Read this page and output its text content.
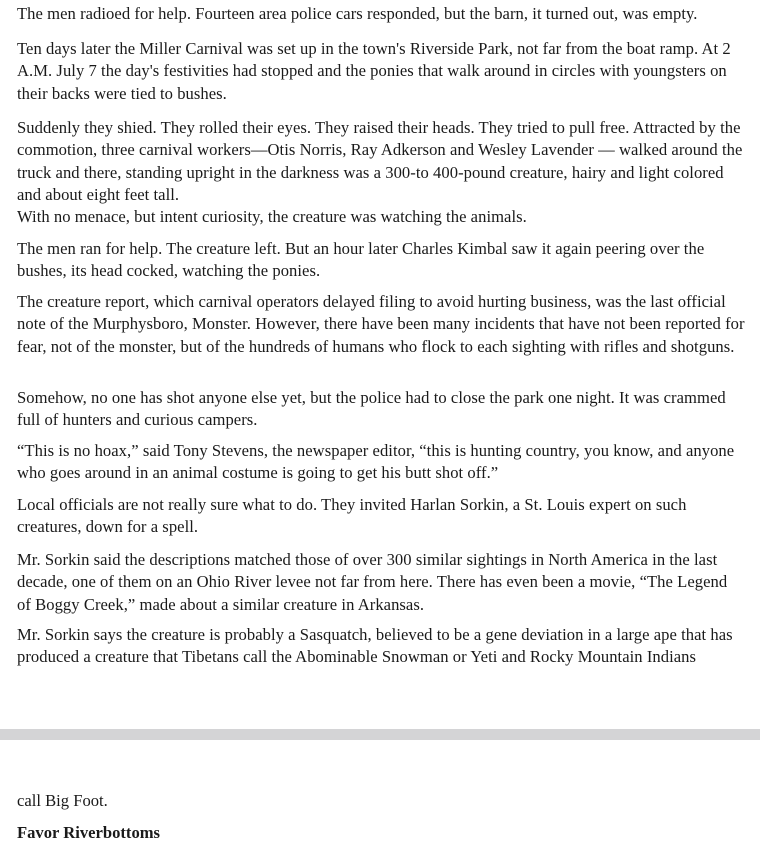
The men radioed for help. Fourteen area police cars responded, but the barn, it turned out, was empty.

Ten days later the Miller Carnival was set up in the town's Riverside Park, not far from the boat ramp. At 2 A.M. July 7 the day's festivities had stopped and the ponies that walk around in circles with youngsters on their backs were tied to bushes.

Suddenly they shied. They rolled their eyes. They raised their heads. They tried to pull free. Attracted by the commotion, three carnival workers—Otis Norris, Ray Adkerson and Wesley Lavender — walked around the truck and there, standing upright in the darkness was a 300-to 400-pound creature, hairy and light colored and about eight feet tall.

With no menace, but intent curiosity, the creature was watching the animals.

The men ran for help. The creature left. But an hour later Charles Kimbal saw it again peering over the bushes, its head cocked, watching the ponies.

The creature report, which carnival operators delayed filing to avoid hurting business, was the last official note of the Murphysboro, Monster. However, there have been many incidents that have not been reported for fear, not of the monster, but of the hundreds of humans who flock to each sighting with rifles and shotguns.

Somehow, no one has shot anyone else yet, but the police had to close the park one night. It was crammed full of hunters and curious campers.

“This is no hoax,” said Tony Stevens, the newspaper editor, “this is hunting country, you know, and anyone who goes around in an animal costume is going to get his butt shot off.”

Local officials are not really sure what to do. They invited Harlan Sorkin, a St. Louis expert on such creatures, down for a spell.

Mr. Sorkin said the descriptions matched those of over 300 similar sightings in North America in the last decade, one of them on an Ohio River levee not far from here. There has even been a movie, “The Legend of Boggy Creek,” made about a similar creature in Arkansas.

Mr. Sorkin says the creature is probably a Sasquatch, believed to be a gene deviation in a large ape that has produced a creature that Tibetans call the Abominable Snowman or Yeti and Rocky Mountain Indians

call Big Foot.

Favor Riverbottoms
